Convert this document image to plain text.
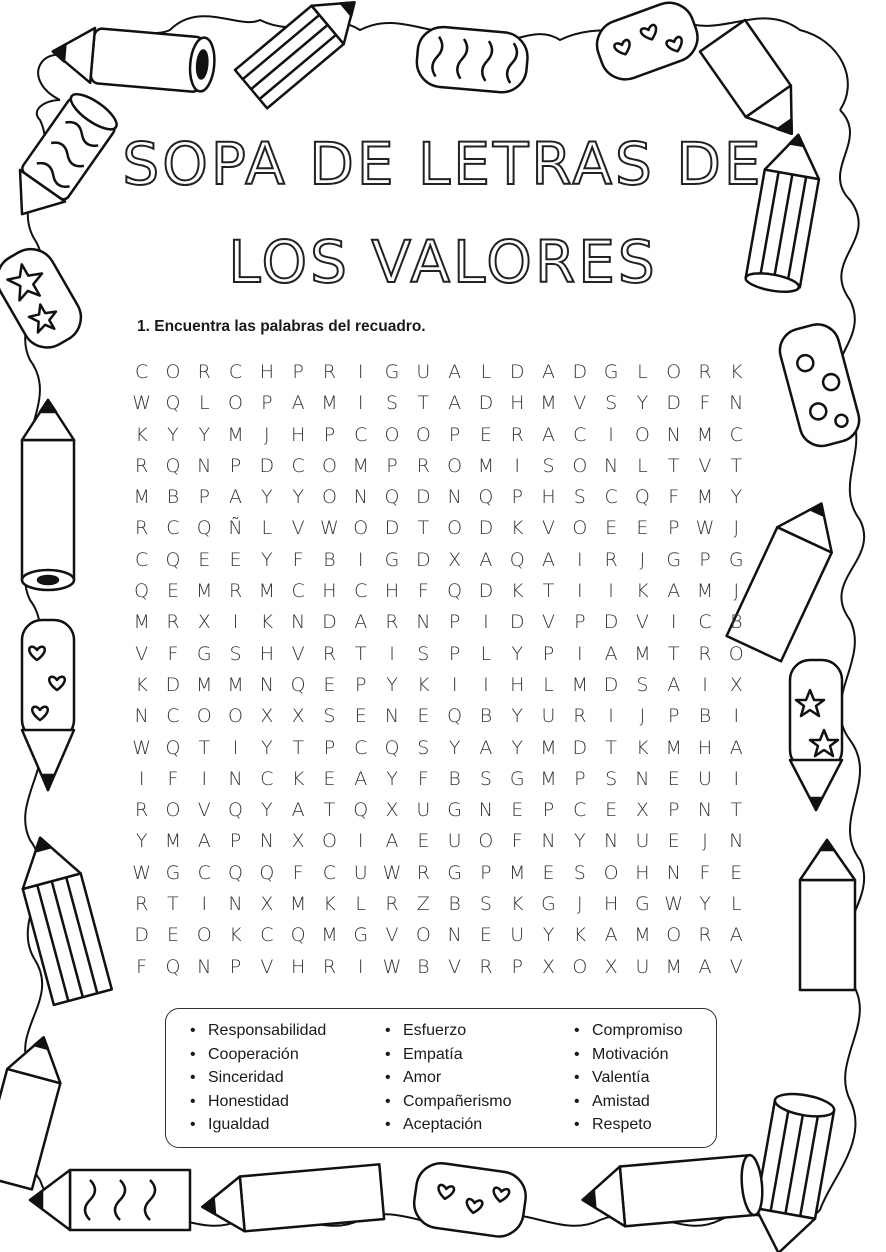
SOPA DE LETRAS DE
LOS VALORES
1. Encuentra las palabras del recuadro.
C O R C H P R	I	G U A	L D A D G L O R K
W Q L O P	A M	I	S	T A D H M V S	Y D F N
K	Y	Y M	J	H P C O O P	E R A C	I	O N M C
R Q N P D C O M P R O M	I	S O N L	T V	T
M B	P	A	Y	Y O N Q D N Q P H S C Q F M Y
R C Q Ñ L	V W O D T O D K V O E	E	P W	J
C Q E	E	Y	F	B	I	G D X A Q A	I	R	J	G P G
Q E M R M C H C H F Q D K	T	I	I	K A M	J
M R X	I	K N D A R N P	I	D V	P D V	I	C B
V	F G S H V R T	I	S	P	L	Y	P	I	A M T R O
K D M M N Q E	P	Y	K	I	I	H L M D S A	I	X
N C O O X X S	E N E Q B	Y U R	I	J	P	B	I
W Q T	I	Y	T	P C Q S	Y A	Y M D T	K M H A
I	F	I	N C K	E A	Y	F	B	S G M P	S N E U	I
R O V Q Y A	T Q X U G N E	P C E X	P N T
Y M A	P N X O	I	A E U O F N Y N U E	J	N
W G C Q Q F	C U W R G P M E	S O H N F	E
R T	I	N X M K	L	R Z B	S	K G	J	H G W Y	L
D E O K C Q M G V O N E U Y	K A M O R A
F Q N P	V H R	I	W B V R P	X O X U M A V
• Responsabilidad
• Cooperación
• Sinceridad
• Honestidad
• Igualdad
• Esfuerzo
• Empatía
• Amor
• Compañerismo
• Aceptación
• Compromiso
• Motivación
• Valentía
• Amistad
• Respeto
